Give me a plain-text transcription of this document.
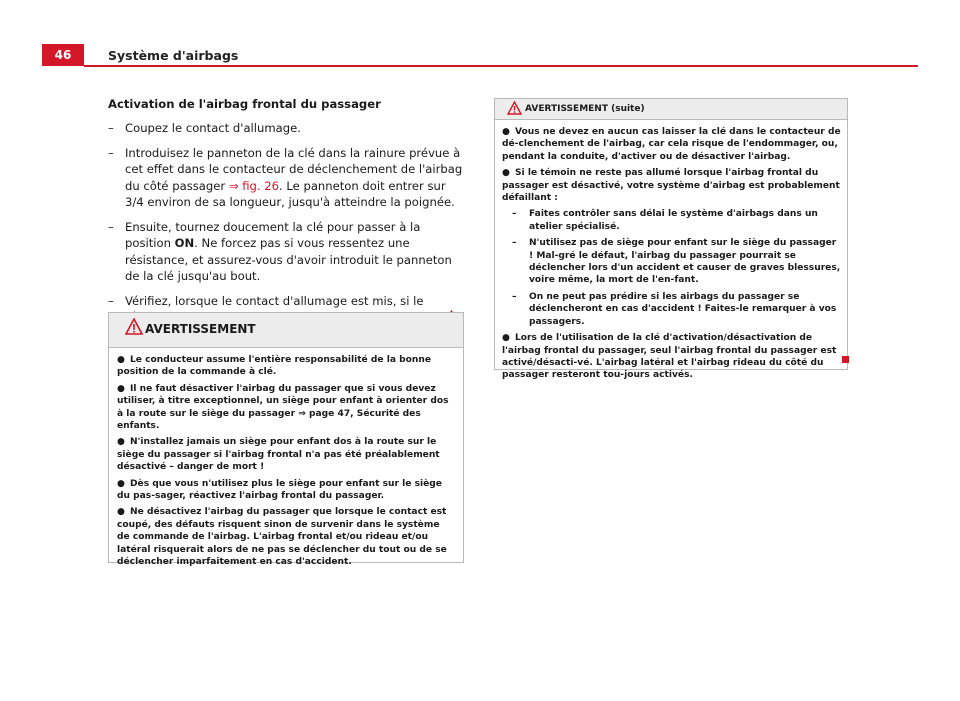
46	Système d'airbags
Activation de l'airbag frontal du passager
– Coupez le contact d'allumage.
– Introduisez le panneton de la clé dans la rainure prévue à cet effet dans le contacteur de déclenchement de l'airbag du côté passager ⇒ fig. 26. Le panneton doit entrer sur 3/4 environ de sa longueur, jusqu'à atteindre la poignée.
– Ensuite, tournez doucement la clé pour passer à la position ON. Ne forcez pas si vous ressentez une résistance, et assurez-vous d'avoir introduit le panneton de la clé jusqu'au bout.
– Vérifiez, lorsque le contact d'allumage est mis, si le
AVERTISSEMENT
● Le conducteur assume l'entière responsabilité de la bonne position de la commande à clé.
● Il ne faut désactiver l'airbag du passager que si vous devez utiliser, à titre exceptionnel, un siège pour enfant à orienter dos à la route sur le siège du passager ⇒ page 47, Sécurité des enfants.
● N'installez jamais un siège pour enfant dos à la route sur le siège du passager si l'airbag frontal n'a pas été préalablement désactivé – danger de mort !
● Dès que vous n'utilisez plus le siège pour enfant sur le siège du pas-sager, réactivez l'airbag frontal du passager.
● Ne désactivez l'airbag du passager que lorsque le contact est coupé, des défauts risquent sinon de survenir dans le système de commande de l'airbag. L'airbag frontal et/ou rideau et/ou latéral risquerait alors de ne pas se déclencher du tout ou de se déclencher imparfaitement en cas d'accident.
AVERTISSEMENT (suite)
● Vous ne devez en aucun cas laisser la clé dans le contacteur de dé-clenchement de l'airbag, car cela risque de l'endommager, ou, pendant la conduite, d'activer ou de désactiver l'airbag.
● Si le témoin ne reste pas allumé lorsque l'airbag frontal du passager est désactivé, votre système d'airbag est probablement défaillant :
– Faites contrôler sans délai le système d'airbags dans un atelier spécialisé.
– N'utilisez pas de siège pour enfant sur le siège du passager ! Mal-gré le défaut, l'airbag du passager pourrait se déclencher lors d'un accident et causer de graves blessures, voire même, la mort de l'en-fant.
– On ne peut pas prédire si les airbags du passager se déclencheront en cas d'accident ! Faites-le remarquer à vos passagers.
● Lors de l'utilisation de la clé d'activation/désactivation de l'airbag frontal du passager, seul l'airbag frontal du passager est activé/désacti-vé. L'airbag latéral et l'airbag rideau du côté du passager resteront tou-jours activés.
